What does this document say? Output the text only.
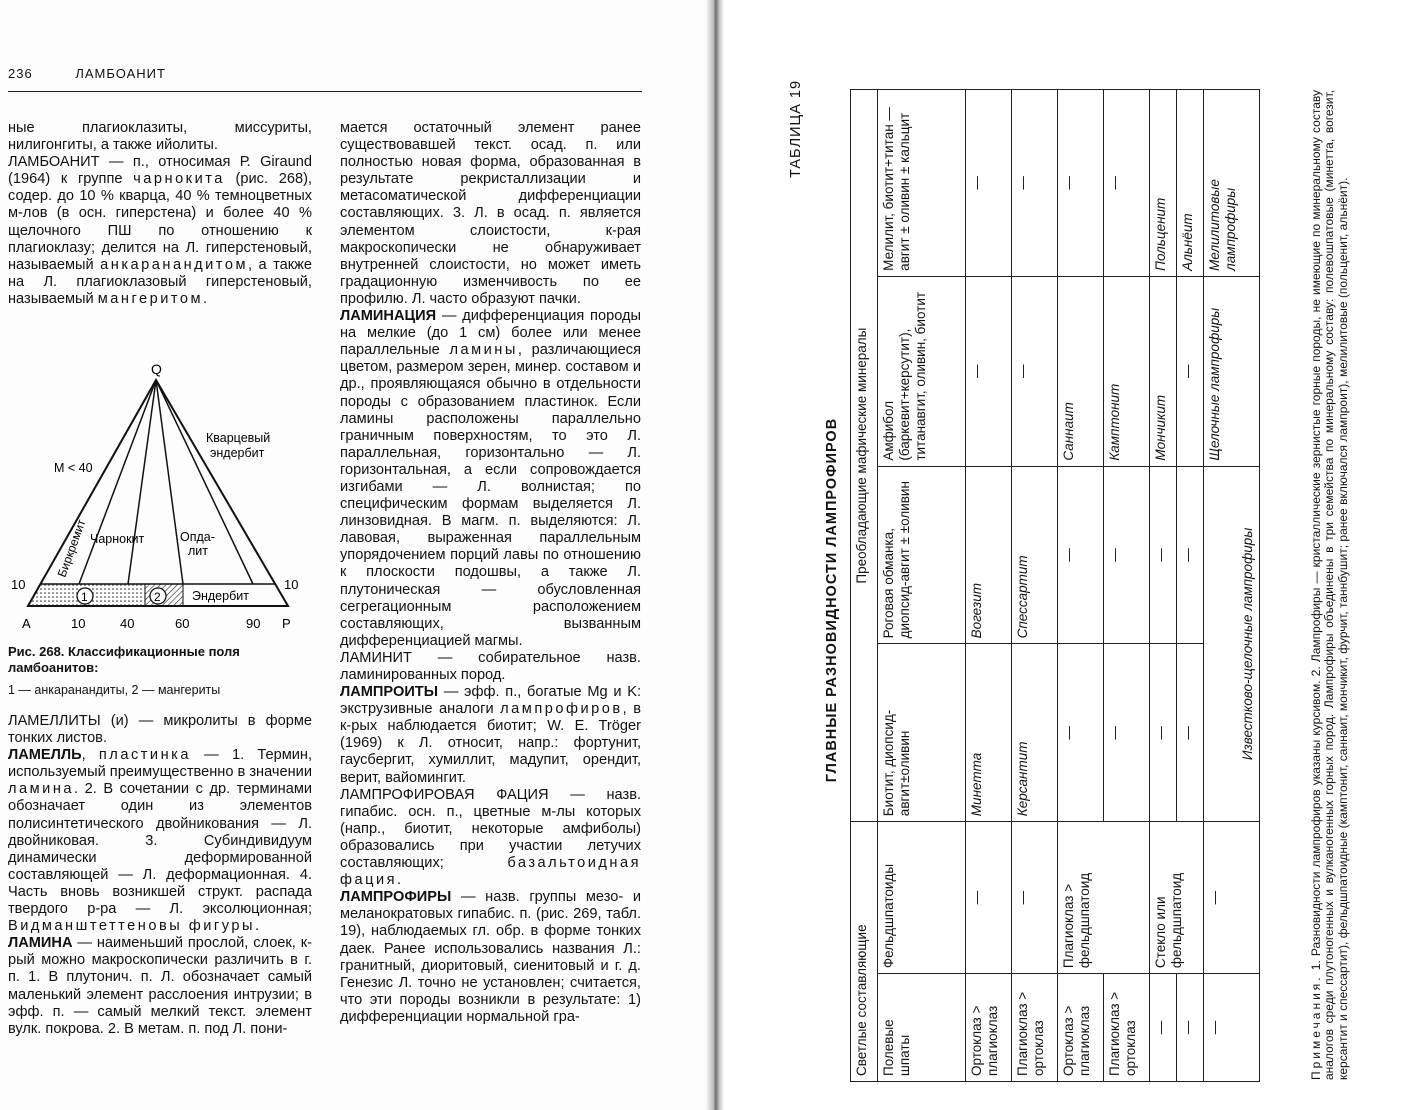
236	ЛАМБОАНИТ

ные плагиоклазиты, миссуриты, нилигонгиты, а также ийолиты.

ЛАМБОАНИТ — п., относимая Р. Giraund (1964) к группе чарнокита (рис. 268), содер. до 10 % кварца, 40 % темноцветных м-лов (в осн. гиперстена) и более 40 % щелочного ПШ по отношению к плагиоклазу; делится на Л. гиперстеновый, называемый анкаранандитом, а также на Л. плагиоклазовый гиперстеновый, называемый мангеритом.

Q
1	2	Эндербит
Чарнокит	Опда-
лит
Кварцевый
эндербит
M < 40
Биркремит
10	10
A	P
10	40	60	90
Рис. 268. Классификационные поля ламбоанитов:
1 — анкаранандиты, 2 — мангериты

ЛАМЕЛЛИТЫ (и) — микролиты в форме тонких листов.

ЛАМЕЛЛЬ, пластинка — 1. Термин, используемый преимущественно в значении ламина. 2. В сочетании с др. терминами обозначает один из элементов полисинтетического двойникования — Л. двойниковая. 3. Субиндивидуум динамически деформированной составляющей — Л. деформационная. 4. Часть вновь возникшей структ. распада твердого р-ра — Л. эксолюционная; Видманштеттеновы фигуры.

ЛАМИНА — наименьший прослой, слоек, к-рый можно макроскопически различить в г. п. 1. В плутонич. п. Л. обозначает самый маленький элемент расслоения интрузии; в эфф. п. — самый мелкий текст. элемент вулк. покрова. 2. В метам. п. под Л. пони-

мается остаточный элемент ранее существовавшей текст. осад. п. или полностью новая форма, образованная в результате рекристаллизации и метасоматической дифференциации составляющих. 3. Л. в осад. п. является элементом слоистости, к-рая макроскопически не обнаруживает внутренней слоистости, но может иметь градационную изменчивость по ее профилю. Л. часто образуют пачки.

ЛАМИНАЦИЯ — дифференциация породы на мелкие (до 1 см) более или менее параллельные ламины, различающиеся цветом, размером зерен, минер. составом и др., проявляющаяся обычно в отдельности породы с образованием пластинок. Если ламины расположены параллельно граничным поверхностям, то это Л. параллельная, горизонтально — Л. горизонтальная, а если сопровождается изгибами — Л. волнистая; по специфическим формам выделяется Л. линзовидная. В магм. п. выделяются: Л. лавовая, выраженная параллельным упорядочением порций лавы по отношению к плоскости подошвы, а также Л. плутоническая — обусловленная сегрегационным расположением составляющих, вызванным дифференциацией магмы.

ЛАМИНИТ — собирательное назв. ламинированных пород.

ЛАМПРОИТЫ — эфф. п., богатые Mg и K: экструзивные аналоги лампрофиров, в к-рых наблюдается биотит; W. E. Tröger (1969) к Л. относит, напр.: фортунит, гаусбергит, хумиллит, мадупит, орендит, верит, вайомингит.

ЛАМПРОФИРОВАЯ ФАЦИЯ — назв. гипабис. осн. п., цветные м-лы которых (напр., биотит, некоторые амфиболы) образовались при участии летучих составляющих; базальтоидная фация.

ЛАМПРОФИРЫ — назв. группы мезо- и меланократовых гипабис. п. (рис. 269, табл. 19), наблюдаемых гл. обр. в форме тонких даек. Ранее использовались названия Л.: гранитный, диоритовый, сиенитовый и г. д. Генезис Л. точно не установлен; считается, что эти породы возникли в результате: 1) дифференциации нормальной гра-

ТАБЛИЦА 19
ГЛАВНЫЕ РАЗНОВИДНОСТИ ЛАМПРОФИРОВ
Светлые составляющие		Преобладающие мафические минералы			
Полевые шпаты	Фельдшпатоиды	Биотит, диопсид-авгит±оливин	Роговая обманка, диопсид-авгит ± ±оливин	Амфибол (баркевит+керсутит), титанавгит, оливин, биотит	Мелилит, биотит+титан — авгит ± оливин ± кальцит
Ортоклаз > плагиоклаз	—	Минетта	Вогезит	—	—
Плагиоклаз > ортоклаз	—	Керсантит	Спессартит	—	—
Ортоклаз > плагиоклаз	Плагиоклаз > фельдшпатоид	—	—	Саннаит	—
Плагиоклаз > ортоклаз		—	—	Камптонит	—
—	Стекло или фельдшпатоид	—	—	Мончикит	Польценит
—		—	—	—	Альнёит
—	—	Известково-щелочные лампрофиры		Щелочные лампрофиры	Мелилитовые лампрофиры
Примечания. 1. Разновидности лампрофиров указаны курсивом. 2. Лампрофиры — кристаллические зернистые горные породы, не имеющие по минеральному составу аналогов среди плутоногенных и вулканогенных горных пород. Лампрофиры объединены в три семейства по минеральному составу: полевошпатовые (минетта, вогезит, керсантит и спессартит), фельдшпатоидные (камптонит, саннаит, мончикит, фурчит, таннбушит; ранее включался лампроит), мелилитовые (польценит, альнёит).
